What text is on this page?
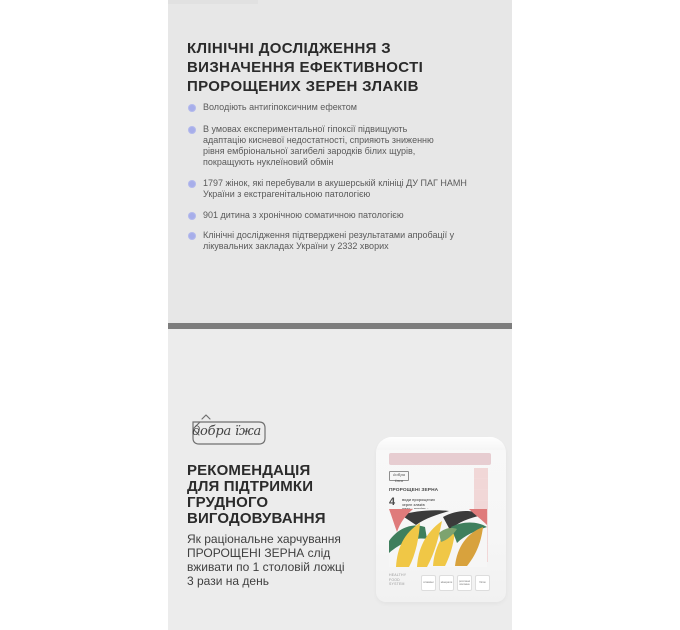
КЛІНІЧНІ ДОСЛІДЖЕННЯ З ВИЗНАЧЕННЯ ЕФЕКТИВНОСТІ ПРОРОЩЕНИХ ЗЕРЕН ЗЛАКІВ
Володіють антигіпоксичним ефектом
В умовах експериментальної гіпоксії підвищують
адаптацію кисневої недостатності, сприяють зниженню
рівня ембріональної загибелі зародків білих щурів,
покращують нуклеїновий обмін
1797 жінок, які перебували в акушерській клініці ДУ ПАГ НАМН
України з екстрагенітальною патологією
901 дитина з хронічною соматичною патологією
Клінічні дослідження підтверджені результатами апробації у
лікувальних закладах України у 2332 хворих
добра їжа
РЕКОМЕНДАЦІЯ
ДЛЯ ПІДТРИМКИ
ГРУДНОГО
ВИГОДОВУВАННЯ

Як раціональне харчування
ПРОРОЩЕНІ ЗЕРНА слід
вживати по 1 столовій ложці
3 рази на день

добра їжа
ПРОРОЩЕНІ ЗЕРНА
4 види пророщених
зерен злаків
HEALTHY
FOOD
SYSTEM	вітаміни	мінерали
рослинні волокна
білок
